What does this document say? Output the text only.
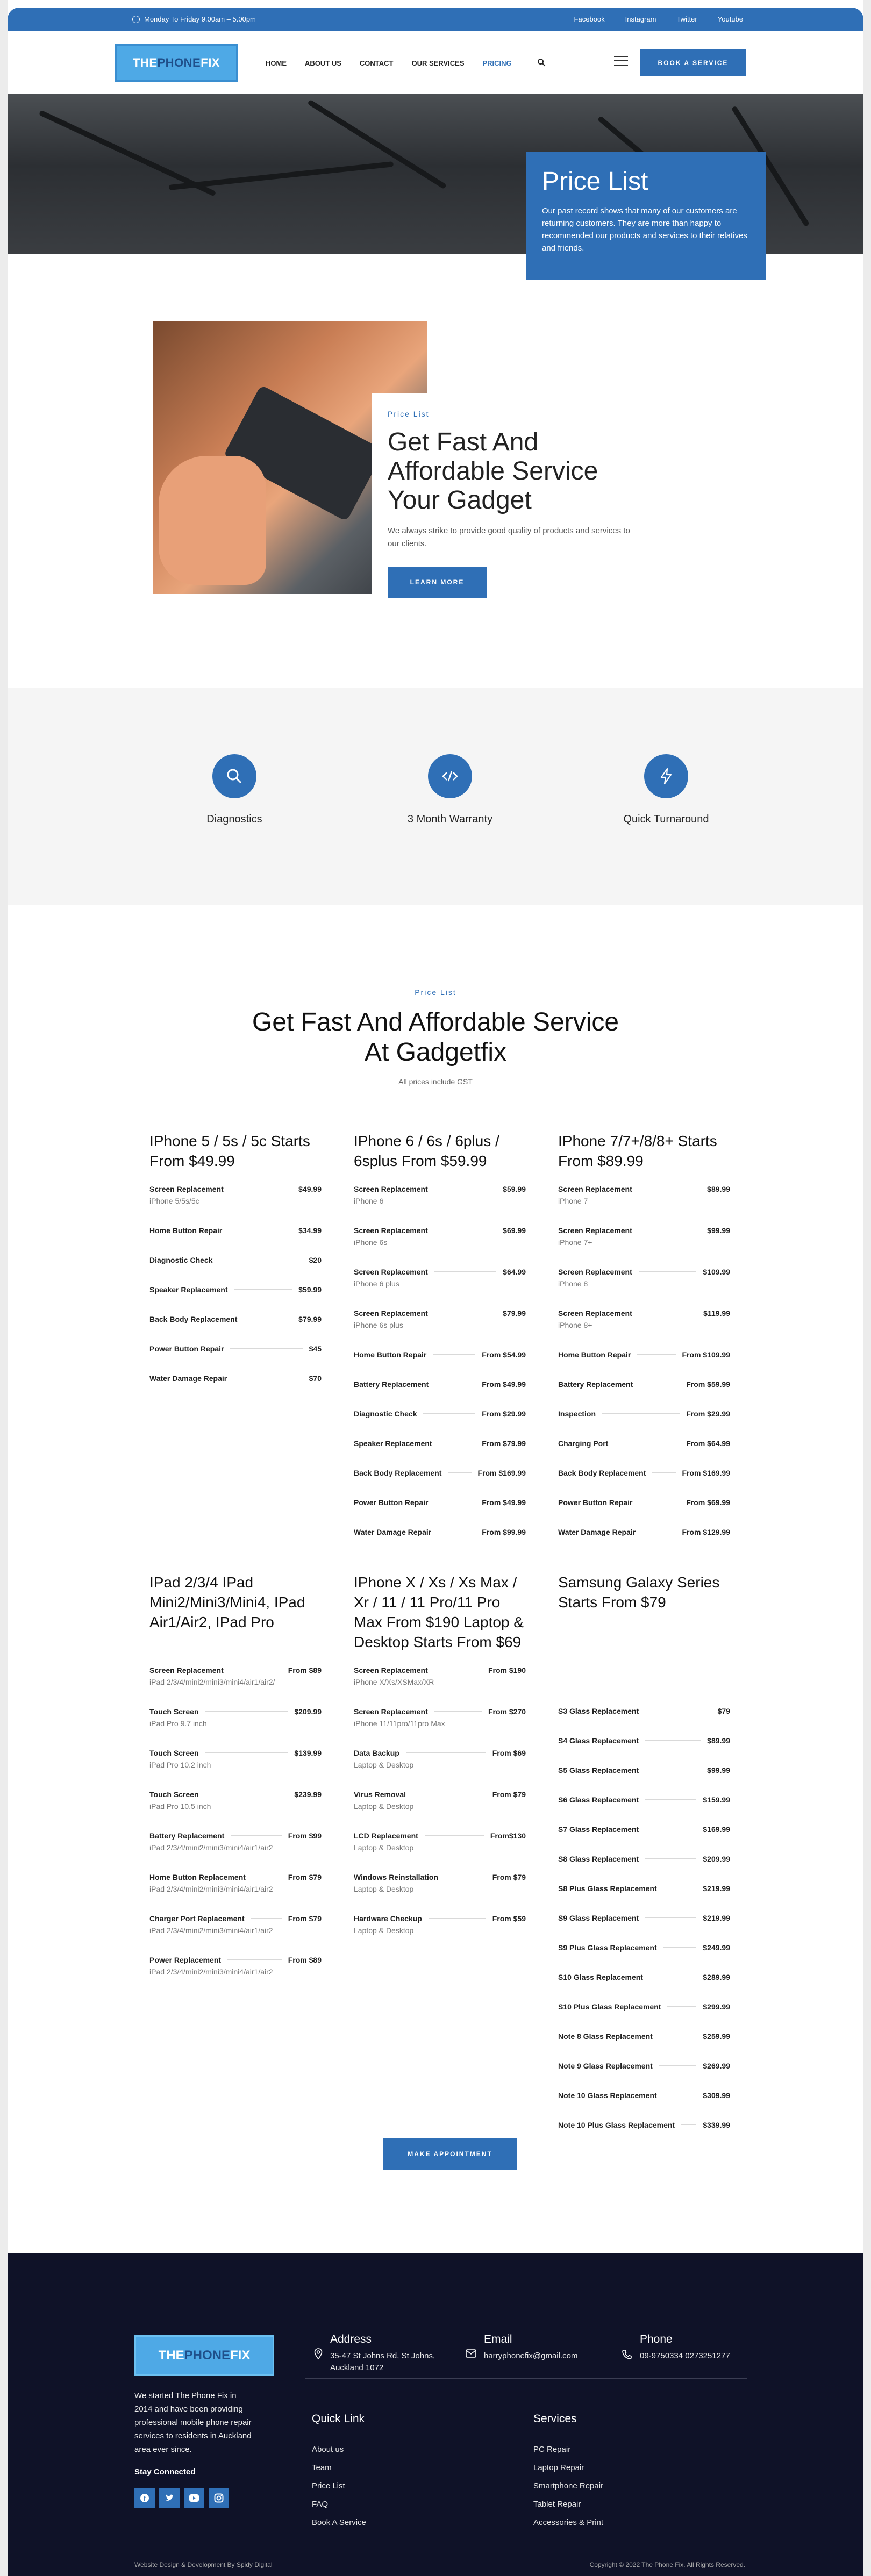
Monday To Friday 9.00am – 5.00pm	Facebook	Instagram	Twitter	Youtube
THE PHONE FIX	HOME	ABOUT US	CONTACT	OUR SERVICES	PRICING	BOOK A SERVICE
Price List

Our past record shows that many of our customers are returning customers. They are more than happy to recommended our products and services to their relatives and friends.

Price List
Get Fast And Affordable Service Your Gadget

We always strike to provide good quality of products and services to our clients.

LEARN MORE
Diagnostics	3 Month Warranty	Quick Turnaround
Price List
Get Fast And Affordable Service At Gadgetfix
All prices include GST
IPhone 5 / 5s / 5c Starts From $49.99
Screen Replacement	$49.99
iPhone 5/5s/5c
Home Button Repair	$34.99
Diagnostic Check	$20
Speaker Replacement	$59.99
Back Body Replacement	$79.99
Power Button Repair	$45
Water Damage Repair	$70
IPhone 6 / 6s / 6plus / 6splus From $59.99
Screen Replacement	$59.99
iPhone 6
Screen Replacement	$69.99
iPhone 6s
Screen Replacement	$64.99
iPhone 6 plus
Screen Replacement	$79.99
iPhone 6s plus
Home Button Repair	From $54.99
Battery Replacement	From $49.99
Diagnostic Check	From $29.99
Speaker Replacement	From $79.99
Back Body Replacement	From $169.99
Power Button Repair	From $49.99
Water Damage Repair	From $99.99
IPhone 7/7+/8/8+ Starts From $89.99
Screen Replacement	$89.99
iPhone 7
Screen Replacement	$99.99
iPhone 7+
Screen Replacement	$109.99
iPhone 8
Screen Replacement	$119.99
iPhone 8+
Home Button Repair	From $109.99
Battery Replacement	From $59.99
Inspection	From $29.99
Charging Port	From $64.99
Back Body Replacement	From $169.99
Power Button Repair	From $69.99
Water Damage Repair	From $129.99
IPad 2/3/4 IPad Mini2/Mini3/Mini4, IPad Air1/Air2, IPad Pro
Screen Replacement	From $89
iPad 2/3/4/mini2/mini3/mini4/air1/air2/
Touch Screen	$209.99
iPad Pro 9.7 inch
Touch Screen	$139.99
iPad Pro 10.2 inch
Touch Screen	$239.99
iPad Pro 10.5 inch
Battery Replacement	From $99
iPad 2/3/4/mini2/mini3/mini4/air1/air2
Home Button Replacement	From $79
iPad 2/3/4/mini2/mini3/mini4/air1/air2
Charger Port Replacement	From $79
iPad 2/3/4/mini2/mini3/mini4/air1/air2
Power Replacement	From $89
iPad 2/3/4/mini2/mini3/mini4/air1/air2
IPhone X / Xs / Xs Max / Xr / 11 / 11 Pro/11 Pro Max From $190 Laptop & Desktop Starts From $69
Screen Replacement	From $190
iPhone X/Xs/XSMax/XR
Screen Replacement	From $270
iPhone 11/11pro/11pro Max
Data Backup	From $69
Laptop & Desktop
Virus Removal	From $79
Laptop & Desktop
LCD Replacement	From$130
Laptop & Desktop
Windows Reinstallation	From $79
Laptop & Desktop
Hardware Checkup	From $59
Laptop & Desktop
Samsung Galaxy Series Starts From $79
S3 Glass Replacement	$79
S4 Glass Replacement	$89.99
S5 Glass Replacement	$99.99
S6 Glass Replacement	$159.99
S7 Glass Replacement	$169.99
S8 Glass Replacement	$209.99
S8 Plus Glass Replacement	$219.99
S9 Glass Replacement	$219.99
S9 Plus Glass Replacement	$249.99
S10 Glass Replacement	$289.99
S10 Plus Glass Replacement	$299.99
Note 8 Glass Replacement	$259.99
Note 9 Glass Replacement	$269.99
Note 10 Glass Replacement	$309.99
Note 10 Plus Glass Replacement	$339.99
MAKE APPOINTMENT
THE PHONE FIX
We started The Phone Fix in 2014 and have been providing professional mobile phone repair services to residents in Auckland area ever since.
Stay Connected
f
Address
35-47 St Johns Rd, St Johns, Auckland 1072
Email
harryphonefix@gmail.com
Phone
09-9750334 0273251277
Quick Link
About us
Team
Price List
FAQ
Book A Service
Services
PC Repair
Laptop Repair
Smartphone Repair
Tablet Repair
Accessories & Print
Website Design & Development By Spidy Digital	Copyright © 2022 The Phone Fix. All Rights Reserved.
